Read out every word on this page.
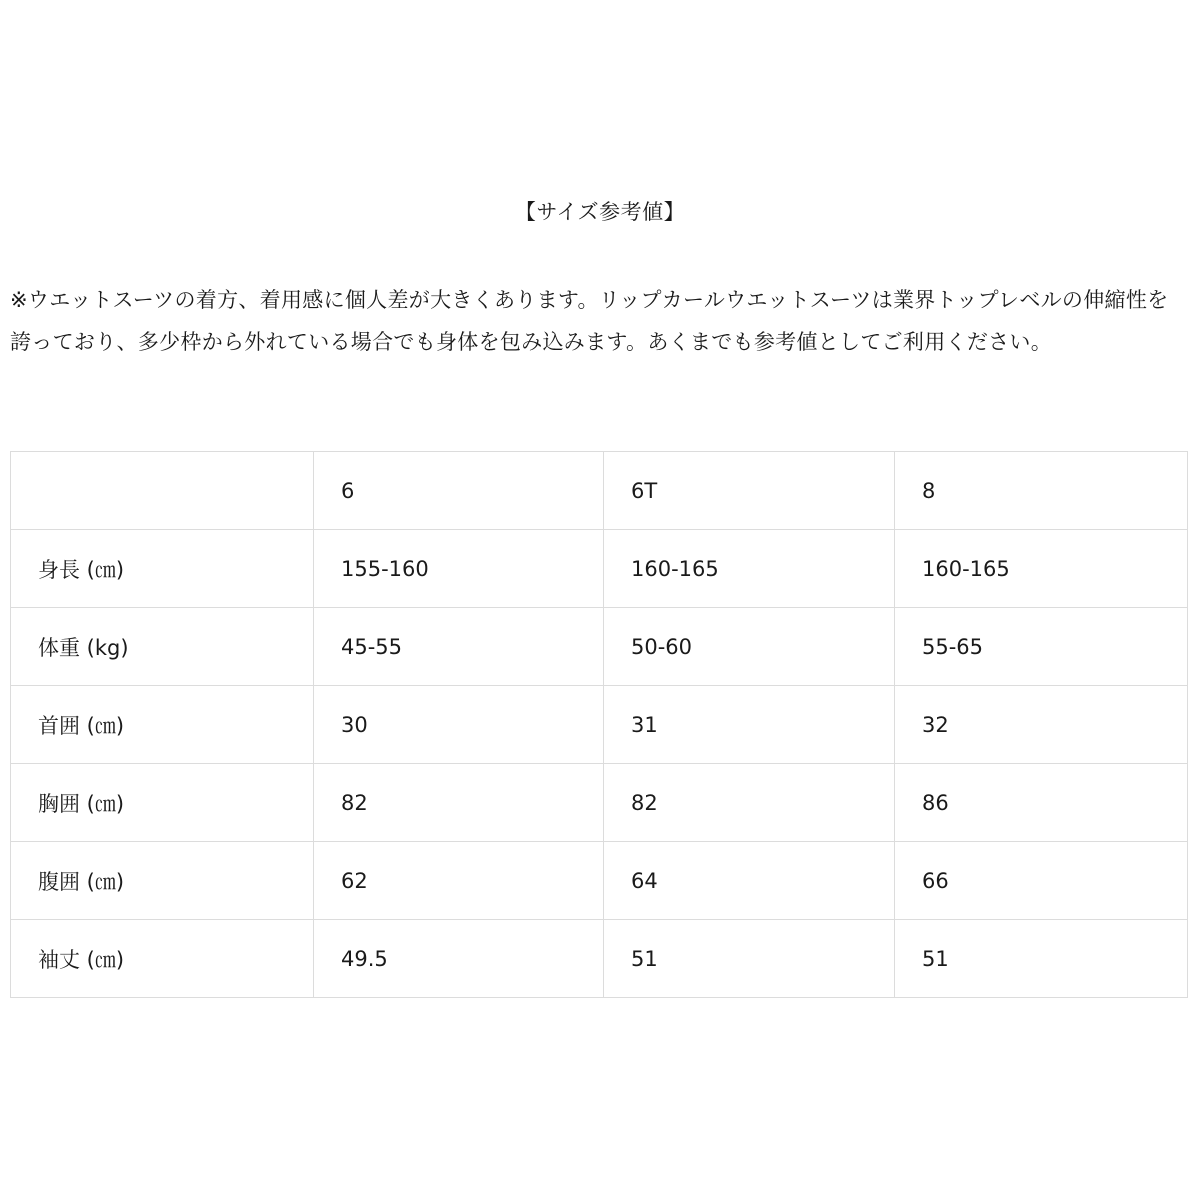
【サイズ参考値】
※ウエットスーツの着方、着用感に個人差が大きくあります。リップカールウエットスーツは業界トップレベルの伸縮性を誇っており、多少枠から外れている場合でも身体を包み込みます。あくまでも参考値としてご利用ください。
	6	6T	8
身長 (㎝)	155-160	160-165	160-165
体重 (kg)	45-55	50-60	55-65
首囲 (㎝)	30	31	32
胸囲 (㎝)	82	82	86
腹囲 (㎝)	62	64	66
袖丈 (㎝)	49.5	51	51
